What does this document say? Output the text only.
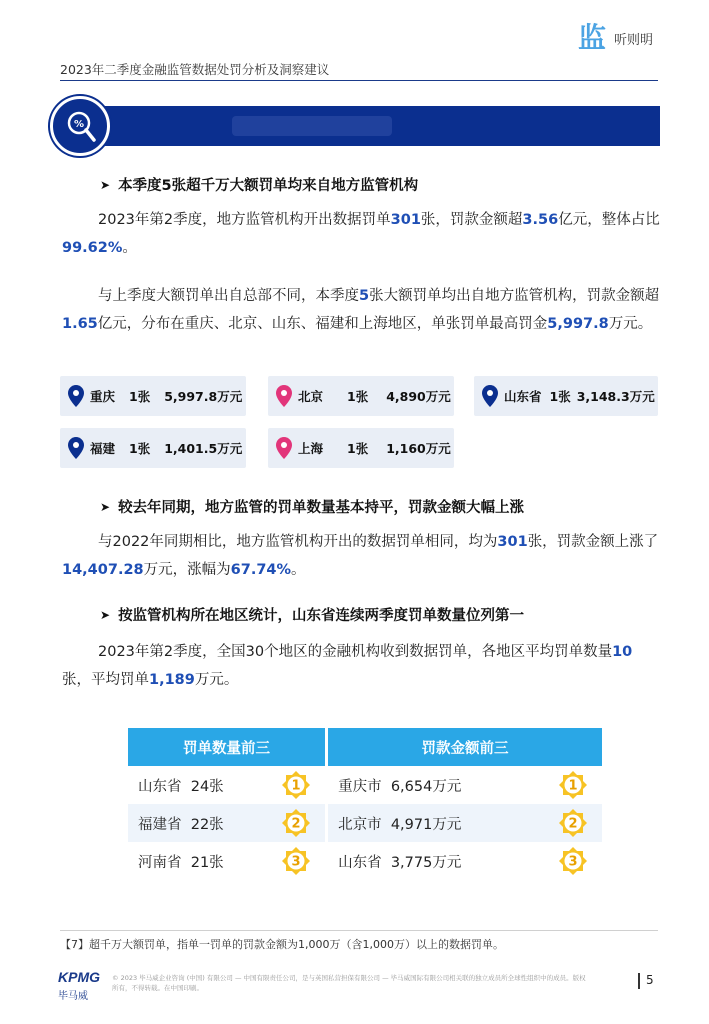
2023年二季度金融监管数据处罚分析及洞察建议
监 听则明
%
➤ 本季度5张超千万大额罚单均来自地方监管机构
2023年第2季度，地方监管机构开出数据罚单301张，罚款金额超3.56亿元，整体占比99.62%。
与上季度大额罚单出自总部不同，本季度5张大额罚单均出自地方监管机构，罚款金额超1.65亿元，分布在重庆、北京、山东、福建和上海地区，单张罚单最高罚金5,997.8万元。
重庆 1张 5,997.8万元	北京 1张 4,890万元	山东省 1张 3,148.3万元
福建 1张 1,401.5万元	上海 1张 1,160万元
➤ 较去年同期，地方监管的罚单数量基本持平，罚款金额大幅上涨
与2022年同期相比，地方监管机构开出的数据罚单相同，均为301张，罚款金额上涨了14,407.28万元，涨幅为67.74%。
➤ 按监管机构所在地区统计，山东省连续两季度罚单数量位列第一
2023年第2季度，全国30个地区的金融机构收到数据罚单，各地区平均罚单数量10张，平均罚单1,189万元。
罚单数量前三	罚款金额前三
山东省  24张 1	重庆市  6,654万元 1

福建省  22张 2	北京市  4,971万元 2

河南省  21张 3	山东省  3,775万元 3
【7】超千万大额罚单，指单一罚单的罚款金额为1,000万（含1,000万）以上的数据罚单。
KPMG
毕马威
© 2023 毕马威企业咨询 (中国) 有限公司 — 中国有限责任公司，是与英国私营担保有限公司 — 毕马威国际有限公司相关联的独立成员所全球性组织中的成员。版权所有，不得转载。在中国印刷。
5
